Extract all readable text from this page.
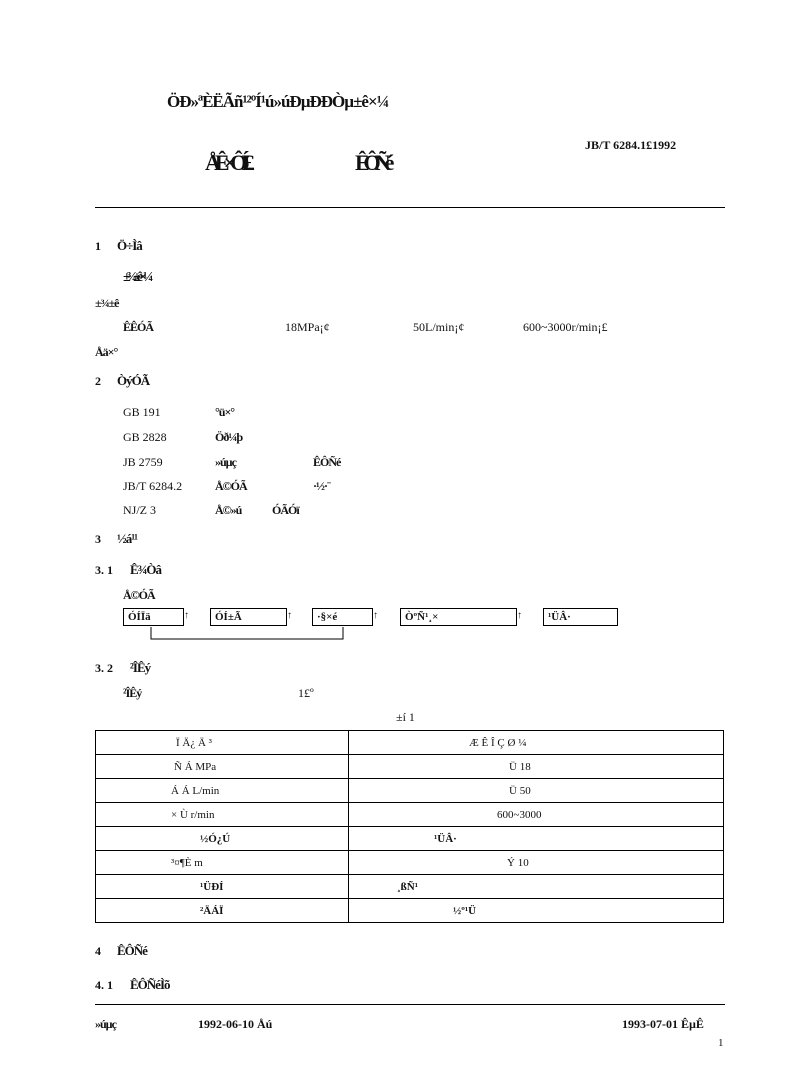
ÖÐ»ªÈËÃñ¹²ºÍ¹ú»úÐµÐÐÒµ±ê×¼
JB/T 6284.1£1992
ÅÊ×ÔÍ£	ÊÔÑé
1 Ö÷Ìâ
±¾±ê×¼
±¾±ê
ÊÊÓÃ	18MPa¡¢	50L/min¡¢	600~3000r/min¡£
Åä×°
2 ÒýÓÃ
GB 191	°ü×°
GB 2828	Öð¼þ
JB 2759	»úµç	ÊÔÑé
JB/T 6284.2	Å©ÓÃ	·½·¨
NJ/Z 3	Å©»ú	ÓÃÓï
3 ½á¹¹
3. 1 Ê¾Òâ
Å©ÓÃ
ÓÍÏä	↑	ÓÍ±Ã	↑	·§×é	↑	ÒºÑ¹¸×	↑	¹ÜÂ·
3. 2 ²ÎÊý
²ÎÊý	1£º
±í 1
Ï Ä¿ Ä ³	Æ Ê Î Ç Ø ¼

Ñ Á MPa	Ü 18

Á Á L/min	Ü 50

× Ù r/min	600~3000

½Ó¿Ú	¹ÜÂ·

³¤¶È m	Ý 10

¹ÜÐÍ	¸ßÑ¹

²ÄÁÏ	½º¹Ü
4 ÊÔÑé
4. 1 ÊÔÑéÌõ
»úµç	1992-06-10 Åú	1993-07-01 ÊµÊ
1
